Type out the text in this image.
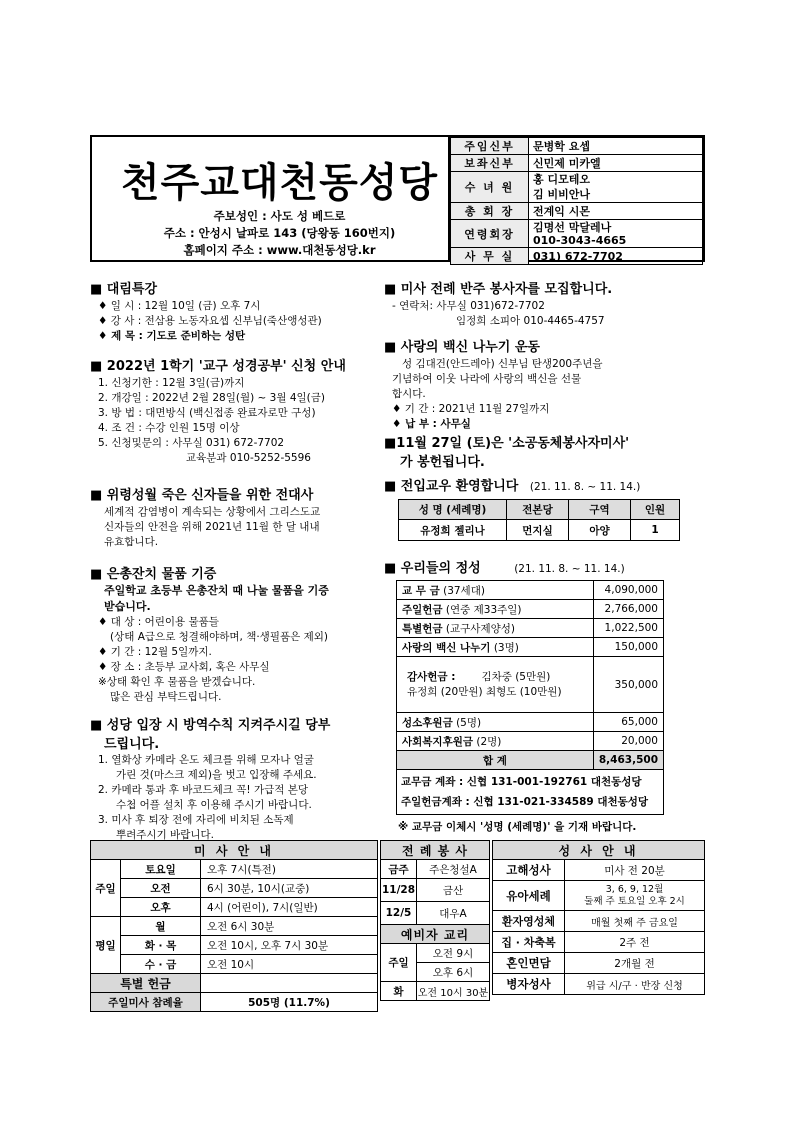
천주교대천동성당
주보성인 : 사도 성 베드로
주소 : 안성시 날파로 143 (당왕동 160번지)
홈페이지 주소 : www.대천동성당.kr
주임신부	문병학 요셉
보좌신부	신민제 미카엘
수 녀 원	홍 디모테오
김 비비안나
총 회 장	전계익 시몬
연령회장	김명선 막달레나
010-3043-4665
사 무 실	031) 672-7702
■ 대림특강
♦ 일 시 : 12월 10일 (금) 오후 7시
♦ 강 사 : 전삼용 노동자요셉 신부님(죽산앵성관)
♦ 제 목 : 기도로 준비하는 성탄
■ 2022년 1학기 '교구 성경공부' 신청 안내
1. 신청기한 : 12월 3일(금)까지
2. 개강일 : 2022년 2월 28일(월) ~ 3월 4일(금)
3. 방 법 : 대면방식 (백신접종 완료자로만 구성)
4. 조 건 : 수강 인원 15명 이상
5. 신청및문의 : 사무실 031) 672-7702
교육분과 010-5252-5596
■ 위령성월 죽은 신자들을 위한 전대사
세계적 감염병이 계속되는 상황에서 그리스도교
신자들의 안전을 위해 2021년 11월 한 달 내내
유효합니다.
■ 은총잔치 물품 기증
주일학교 초등부 은총잔치 때 나눌 물품을 기증
받습니다.
♦ 대 상 : 어린이용 물품들
(상태 A급으로 청결해야하며, 책·생필품은 제외)
♦ 기 간 : 12월 5일까지.
♦ 장 소 : 초등부 교사회, 혹은 사무실
※상태 확인 후 물품을 받겠습니다.
많은 관심 부탁드립니다.
■ 성당 입장 시 방역수칙 지켜주시길 당부
드립니다.
1. 열화상 카메라 온도 체크를 위해 모자나 얼굴
가린 것(마스크 제외)을 벗고 입장해 주세요.
2. 카메라 통과 후 바코드체크 꼭! 가급적 본당
수첩 어플 설치 후 이용해 주시기 바랍니다.
3. 미사 후 퇴장 전에 자리에 비치된 소독제
뿌려주시기 바랍니다.
■ 미사 전례 반주 봉사자를 모집합니다.
- 연락처: 사무실 031)672-7702
임정희 소피아 010-4465-4757
■ 사랑의 백신 나누기 운동
성 김대건(안드레아) 신부님 탄생200주년을
기념하여 이웃 나라에 사랑의 백신을 선물
합시다.
♦ 기 간 : 2021년 11월 27일까지
♦ 납 부 : 사무실
■11월 27일 (토)은 '소공동체봉사자미사'
가 봉헌됩니다.
■ 전입교우 환영합니다 (21. 11. 8. ~ 11. 14.)
성 명 (세례명)	전본당	구역	인원
유정희 젤리나	먼지실	아양	1
■ 우리들의 정성	(21. 11. 8. ~ 11. 14.)
교 무 금 (37세대)	4,090,000
주일헌금 (연중 제33주일)	2,766,000
특별헌금 (교구사제양성)	1,022,500
사랑의 백신 나누기 (3명)	150,000

감사헌금 : 김차중 (5만원)
유정희 (20만원) 최형도 (10만원)	350,000
성소후원금 (5명)	65,000
사회복지후원금 (2명)	20,000
합 계	8,463,500

교무금 계좌 : 신협 131-001-192761 대천동성당
주일헌금계좌 : 신협 131-021-334589 대천동성당	
※ 교무금 이체시 '성명 (세례명)' 을 기재 바랍니다.
미 사 안 내		
주일	토요일	오후 7시(특전)
	오전	6시 30분, 10시(교중)
	오후	4시 (어린이), 7시(일반)
평일	월	오전 6시 30분
	화 · 목	오전 10시, 오후 7시 30분
	수 · 금	오전 10시
특별 헌금		
주일미사 참례율		505명 (11.7%)
전 례 봉 사	
금주	주은청설A
11/28	금산
12/5	대우A
예비자 교리	
주일	오전 9시
	오후 6시
화	오전 10시 30분
성 사 안 내	
고해성사	미사 전 20분
유아세례	3, 6, 9, 12월
둘째 주 토요일 오후 2시
환자영성체	매월 첫째 주 금요일
집 · 차축복	2주 전
혼인면담	2개월 전
병자성사	위급 시/구 · 반장 신청
